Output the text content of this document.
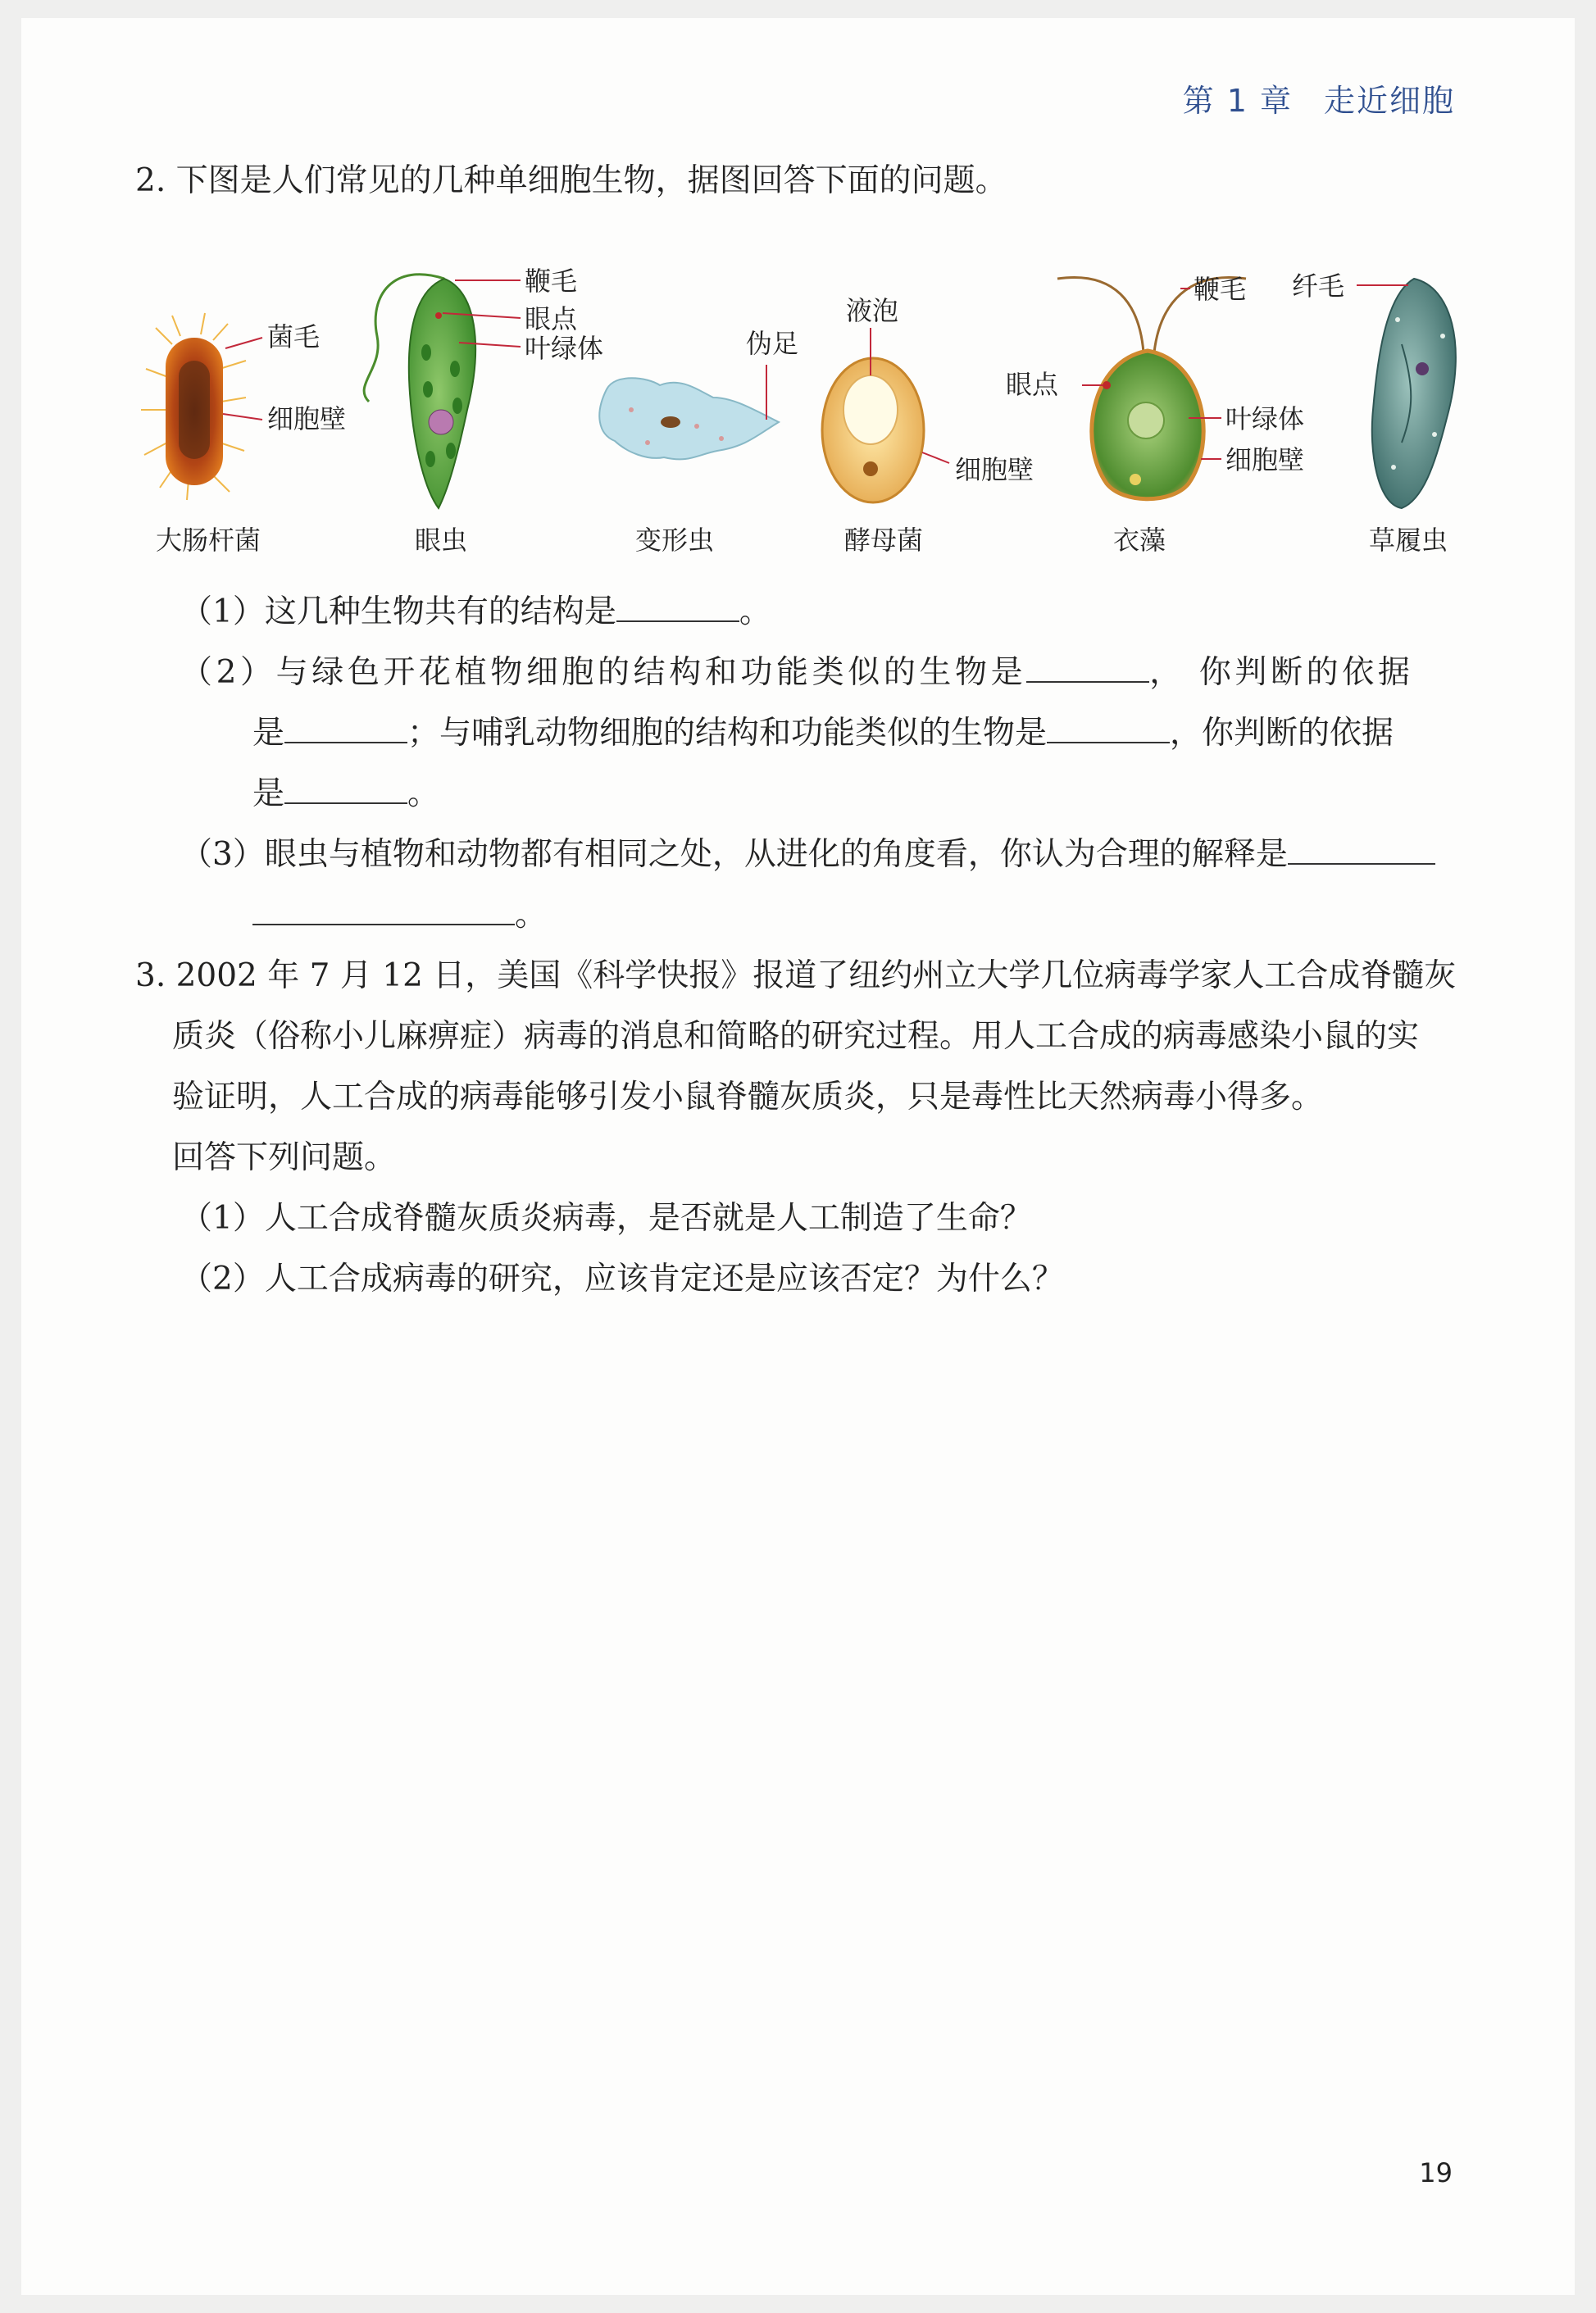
第 1 章 走近细胞
2. 下图是人们常见的几种单细胞生物，据图回答下面的问题。
菌毛
细胞壁
大肠杆菌
鞭毛
眼点
叶绿体
眼虫
伪足
变形虫
液泡
细胞壁
酵母菌
眼点
鞭毛
叶绿体
细胞壁
衣藻
纤毛
草履虫
（1）这几种生物共有的结构是	。
（2）与绿色开花植物细胞的结构和功能类似的生物是	， 你判断的依据
是	；与哺乳动物细胞的结构和功能类似的生物是	，你判断的依据
是	。
（3）眼虫与植物和动物都有相同之处，从进化的角度看，你认为合理的解释是
。
3. 2002 年 7 月 12 日，美国《科学快报》报道了纽约州立大学几位病毒学家人工合成脊髓灰
质炎（俗称小儿麻痹症）病毒的消息和简略的研究过程。用人工合成的病毒感染小鼠的实
验证明，人工合成的病毒能够引发小鼠脊髓灰质炎，只是毒性比天然病毒小得多。
回答下列问题。
（1）人工合成脊髓灰质炎病毒，是否就是人工制造了生命？
（2）人工合成病毒的研究，应该肯定还是应该否定？为什么？
19
